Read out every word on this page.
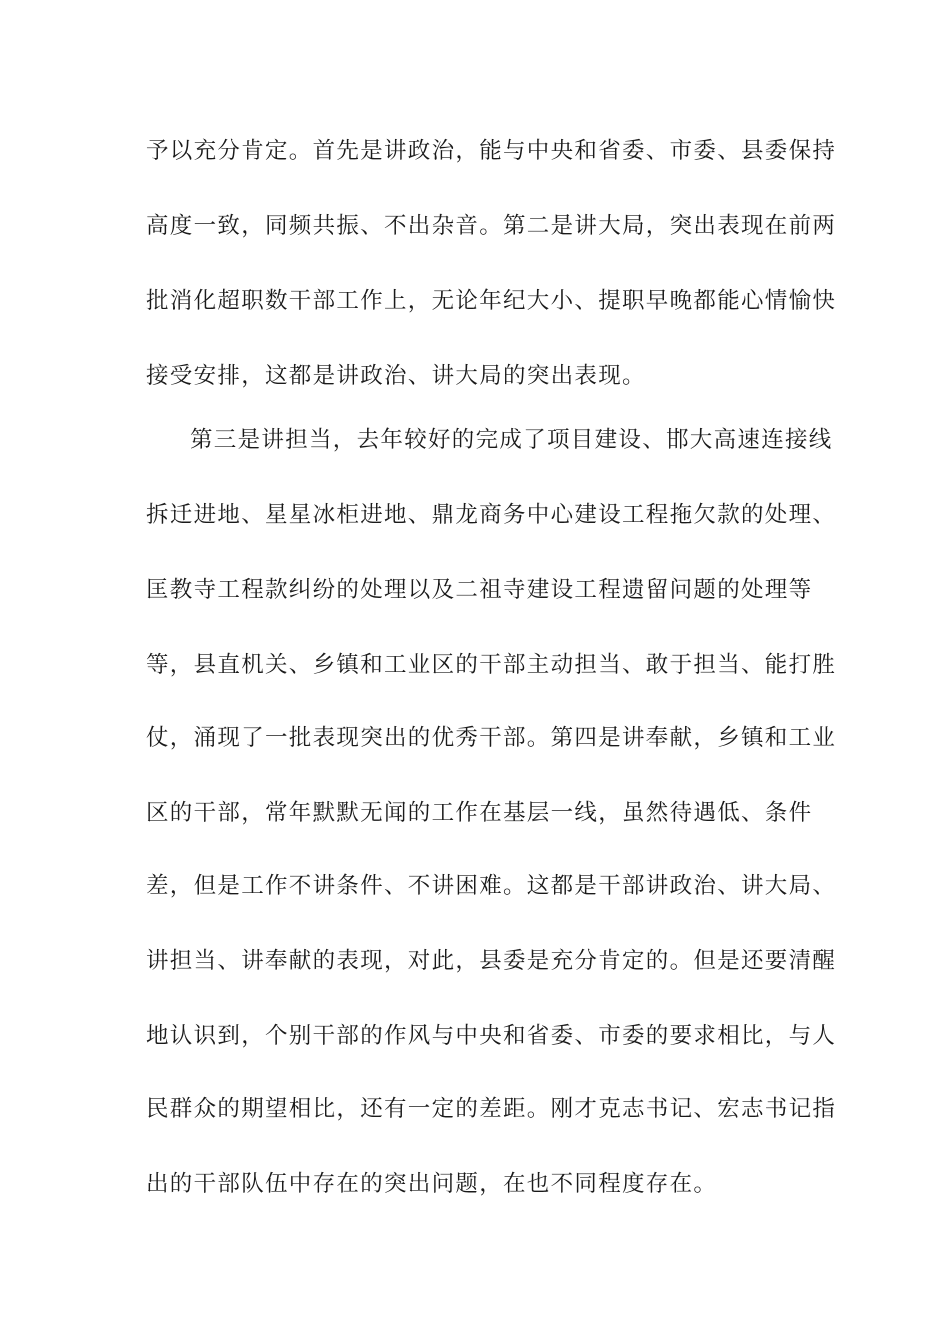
予以充分肯定。首先是讲政治，能与中央和省委、市委、县委保持
高度一致，同频共振、不出杂音。第二是讲大局，突出表现在前两
批消化超职数干部工作上，无论年纪大小、提职早晚都能心情愉快
接受安排，这都是讲政治、讲大局的突出表现。
第三是讲担当，去年较好的完成了项目建设、邯大高速连接线
拆迁进地、星星冰柜进地、鼎龙商务中心建设工程拖欠款的处理、
匡教寺工程款纠纷的处理以及二祖寺建设工程遗留问题的处理等
等，县直机关、乡镇和工业区的干部主动担当、敢于担当、能打胜
仗，涌现了一批表现突出的优秀干部。第四是讲奉献，乡镇和工业
区的干部，常年默默无闻的工作在基层一线，虽然待遇低、条件
差，但是工作不讲条件、不讲困难。这都是干部讲政治、讲大局、
讲担当、讲奉献的表现，对此，县委是充分肯定的。但是还要清醒
地认识到，个别干部的作风与中央和省委、市委的要求相比，与人
民群众的期望相比，还有一定的差距。刚才克志书记、宏志书记指
出的干部队伍中存在的突出问题，在也不同程度存在。
